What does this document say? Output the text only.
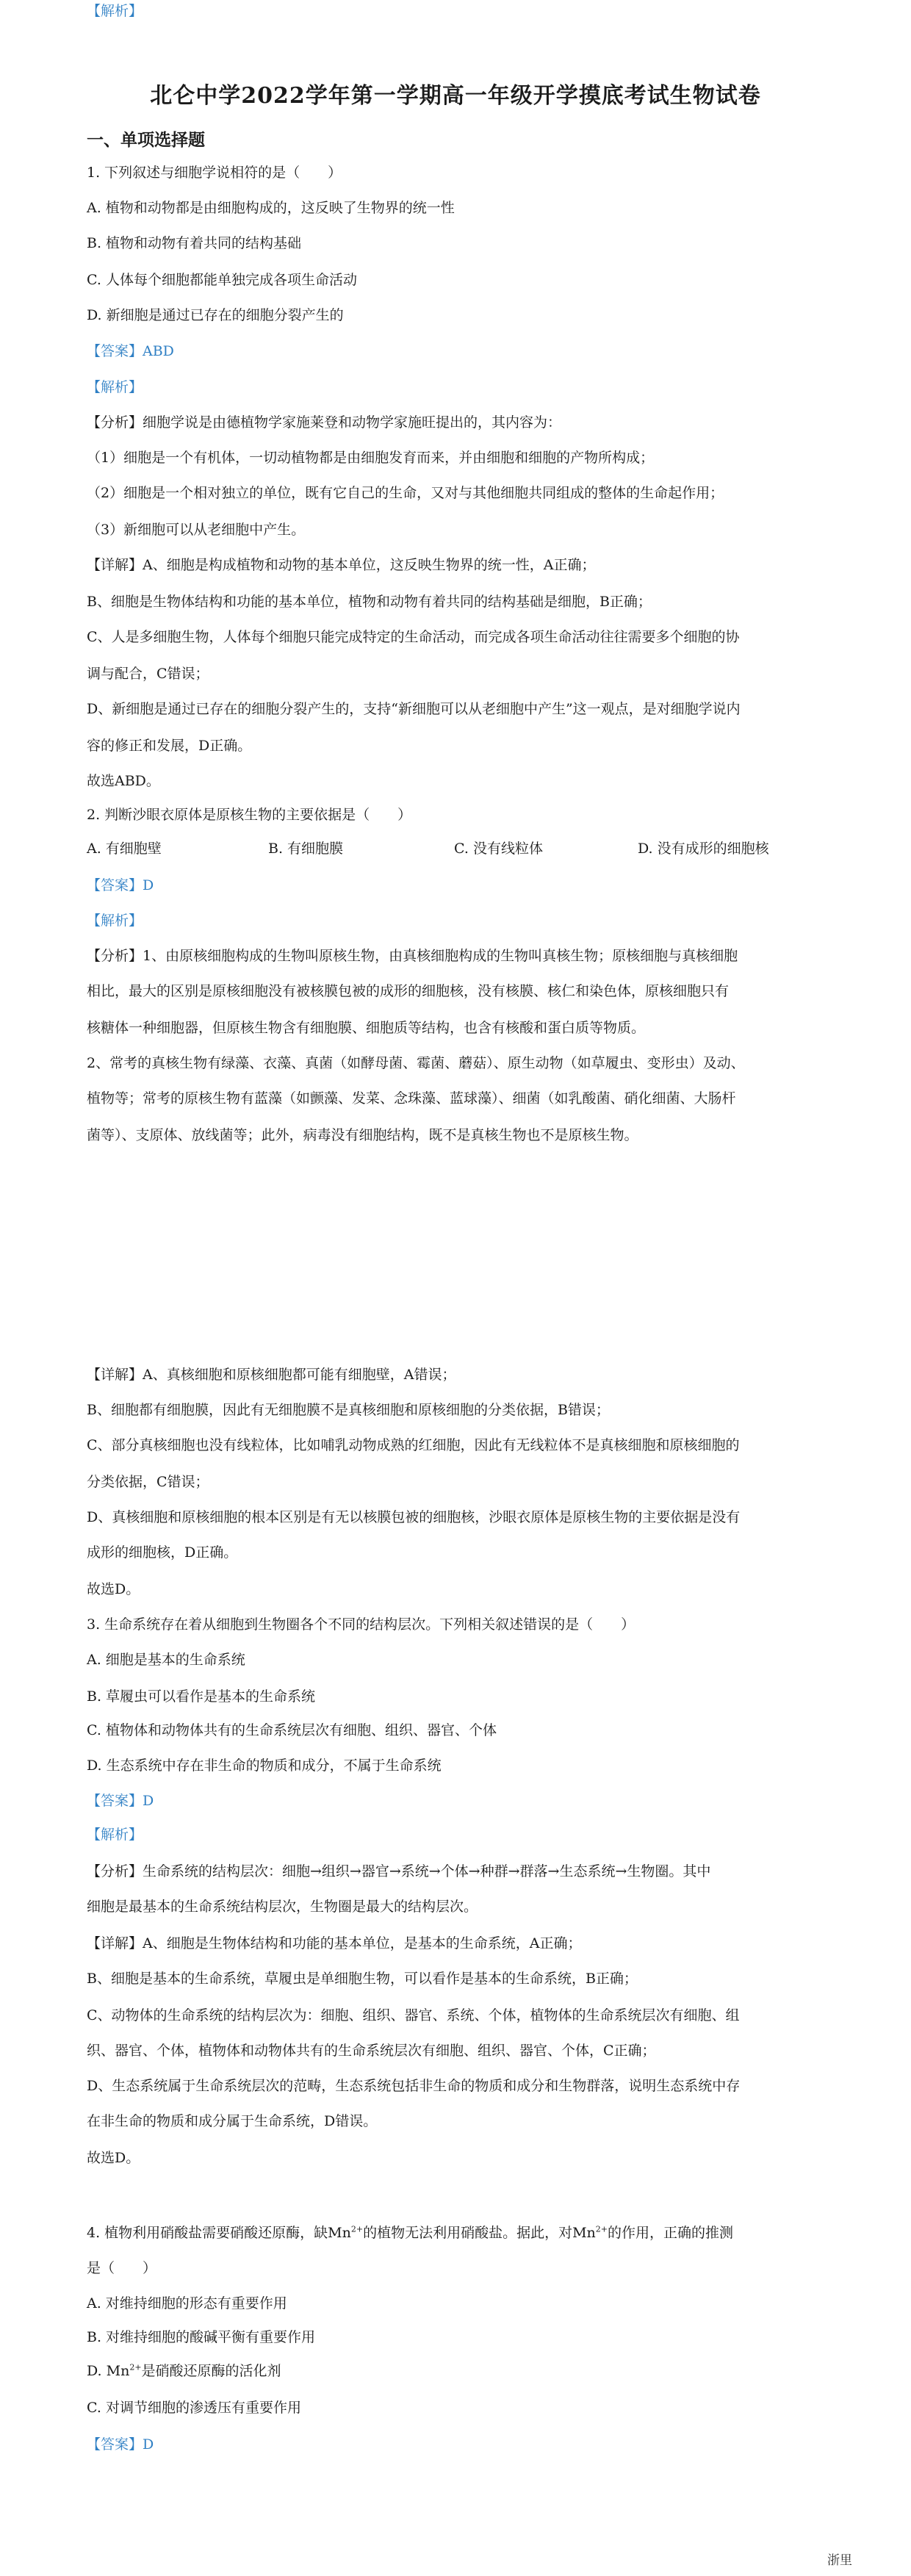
北仑中学2022学年第一学期高一年级开学摸底考试生物试卷
一、单项选择题
1. 下列叙述与细胞学说相符的是（　　）
A. 植物和动物都是由细胞构成的，这反映了生物界的统一性
B. 植物和动物有着共同的结构基础
C. 人体每个细胞都能单独完成各项生命活动
D. 新细胞是通过已存在的细胞分裂产生的
【答案】ABD
【解析】
【分析】细胞学说是由德植物学家施莱登和动物学家施旺提出的，其内容为：
（1）细胞是一个有机体，一切动植物都是由细胞发育而来，并由细胞和细胞的产物所构成；
（2）细胞是一个相对独立的单位，既有它自己的生命，又对与其他细胞共同组成的整体的生命起作用；
（3）新细胞可以从老细胞中产生。
【详解】A、细胞是构成植物和动物的基本单位，这反映生物界的统一性，A正确；
B、细胞是生物体结构和功能的基本单位，植物和动物有着共同的结构基础是细胞，B正确；
C、人是多细胞生物，人体每个细胞只能完成特定的生命活动，而完成各项生命活动往往需要多个细胞的协
调与配合，C错误；
D、新细胞是通过已存在的细胞分裂产生的，支持“新细胞可以从老细胞中产生”这一观点，是对细胞学说内
容的修正和发展，D正确。
故选ABD。
2. 判断沙眼衣原体是原核生物的主要依据是（　　）
【答案】D
【解析】
【分析】1、由原核细胞构成的生物叫原核生物，由真核细胞构成的生物叫真核生物；原核细胞与真核细胞
相比，最大的区别是原核细胞没有被核膜包被的成形的细胞核，没有核膜、核仁和染色体，原核细胞只有
核糖体一种细胞器，但原核生物含有细胞膜、细胞质等结构，也含有核酸和蛋白质等物质。
2、常考的真核生物有绿藻、衣藻、真菌（如酵母菌、霉菌、蘑菇）、原生动物（如草履虫、变形虫）及动、
植物等；常考的原核生物有蓝藻（如颤藻、发菜、念珠藻、蓝球藻）、细菌（如乳酸菌、硝化细菌、大肠杆
菌等）、支原体、放线菌等；此外，病毒没有细胞结构，既不是真核生物也不是原核生物。
【详解】A、真核细胞和原核细胞都可能有细胞壁，A错误；
B、细胞都有细胞膜，因此有无细胞膜不是真核细胞和原核细胞的分类依据，B错误；
C、部分真核细胞也没有线粒体，比如哺乳动物成熟的红细胞，因此有无线粒体不是真核细胞和原核细胞的
分类依据，C错误；
D、真核细胞和原核细胞的根本区别是有无以核膜包被的细胞核，沙眼衣原体是原核生物的主要依据是没有
成形的细胞核，D正确。
故选D。
3. 生命系统存在着从细胞到生物圈各个不同的结构层次。下列相关叙述错误的是（　　）
A. 细胞是基本的生命系统
B. 草履虫可以看作是基本的生命系统
C. 植物体和动物体共有的生命系统层次有细胞、组织、器官、个体
D. 生态系统中存在非生命的物质和成分，不属于生命系统
【答案】D
【解析】
【分析】生命系统的结构层次：细胞→组织→器官→系统→个体→种群→群落→生态系统→生物圈。其中
细胞是最基本的生命系统结构层次，生物圈是最大的结构层次。
【详解】A、细胞是生物体结构和功能的基本单位，是基本的生命系统，A正确；
B、细胞是基本的生命系统，草履虫是单细胞生物，可以看作是基本的生命系统，B正确；
C、动物体的生命系统的结构层次为：细胞、组织、器官、系统、个体，植物体的生命系统层次有细胞、组
织、器官、个体，植物体和动物体共有的生命系统层次有细胞、组织、器官、个体，C正确；
D、生态系统属于生命系统层次的范畴，生态系统包括非生命的物质和成分和生物群落，说明生态系统中存
在非生命的物质和成分属于生命系统，D错误。
故选D。
是（　　）
A. 对维持细胞的形态有重要作用
B. 对维持细胞的酸碱平衡有重要作用
C. 对调节细胞的渗透压有重要作用
【答案】D
【解析】
A. 有细胞壁	B. 有细胞膜	C. 没有线粒体	D. 没有成形的细胞核
4. 植物利用硝酸盐需要硝酸还原酶，缺$Mn^{2+}$的植物无法利用硝酸盐。据此，对$Mn^{2+}$的作用，正确的推测
D. $Mn^{2+}$是硝酸还原酶的活化剂
浙里
